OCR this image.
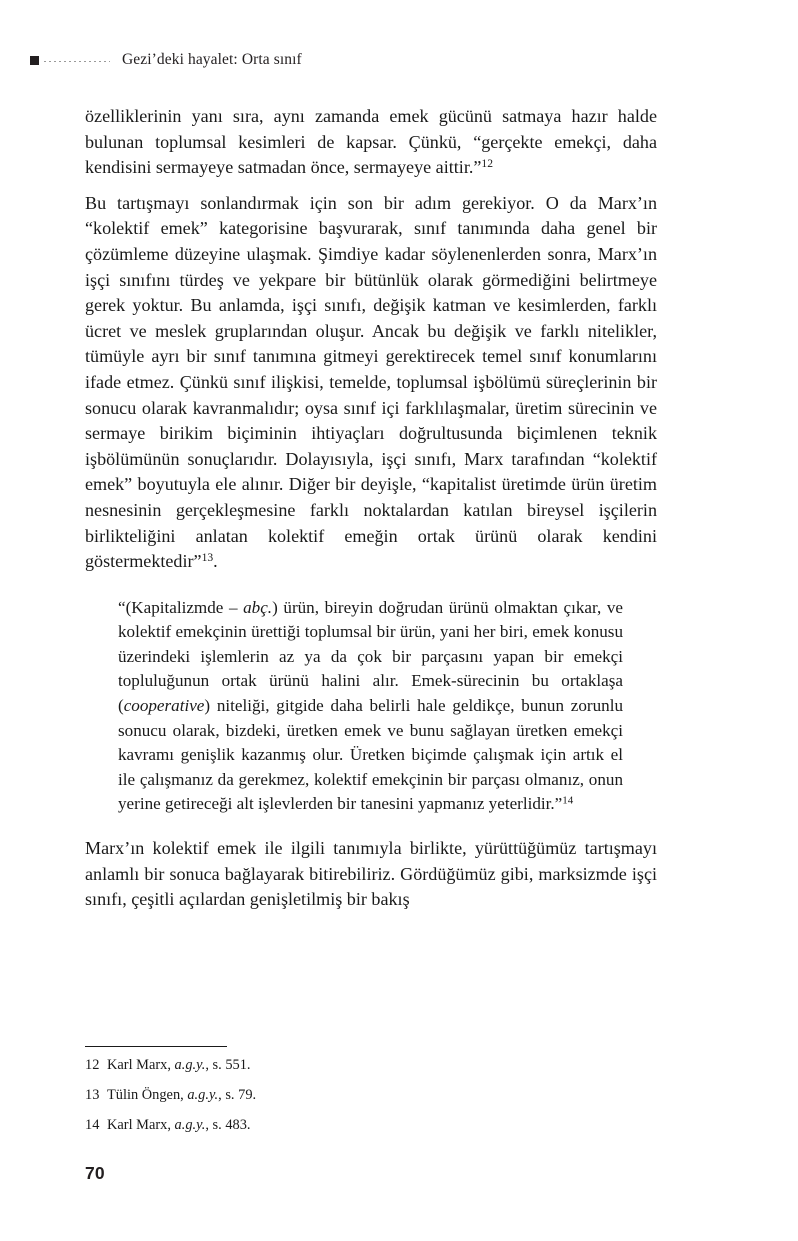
Gezi’deki hayalet: Orta sınıf

özelliklerinin yanı sıra, aynı zamanda emek gücünü satmaya hazır halde bulunan toplumsal kesimleri de kapsar. Çünkü, “gerçekte emekçi, daha kendisini sermayeye satmadan önce, sermayeye aittir.”$^{12}$

Bu tartışmayı sonlandırmak için son bir adım gerekiyor. O da Marx’ın “kolektif emek” kategorisine başvurarak, sınıf tanımında daha genel bir çözümleme düzeyine ulaşmak. Şimdiye kadar söylenenlerden sonra, Marx’ın işçi sınıfını türdeş ve yekpare bir bütünlük olarak görmediğini belirtmeye gerek yoktur. Bu anlamda, işçi sınıfı, değişik katman ve kesimlerden, farklı ücret ve meslek gruplarından oluşur. Ancak bu değişik ve farklı nitelikler, tümüyle ayrı bir sınıf tanımına gitmeyi gerektirecek temel sınıf konumlarını ifade etmez. Çünkü sınıf ilişkisi, temelde, toplumsal işbölümü süreçlerinin bir sonucu olarak kavranmalıdır; oysa sınıf içi farklılaşmalar, üretim sürecinin ve sermaye birikim biçiminin ihtiyaçları doğrultusunda biçimlenen teknik işbölümünün sonuçlarıdır. Dolayısıyla, işçi sınıfı, Marx tarafından “kolektif emek” boyutuyla ele alınır. Diğer bir deyişle, “kapitalist üretimde ürün üretim nesnesinin gerçekleşmesine farklı noktalardan katılan bireysel işçilerin birlikteliğini anlatan kolektif emeğin ortak ürünü olarak kendini göstermektedir”$^{13}$.

“(Kapitalizmde – abç.) ürün, bireyin doğrudan ürünü olmaktan çıkar, ve kolektif emekçinin ürettiği toplumsal bir ürün, yani her biri, emek konusu üzerindeki işlemlerin az ya da çok bir parçasını yapan bir emekçi topluluğunun ortak ürünü halini alır. Emek-sürecinin bu ortaklaşa (cooperative) niteliği, gitgide daha belirli hale geldikçe, bunun zorunlu sonucu olarak, bizdeki, üretken emek ve bunu sağlayan üretken emekçi kavramı genişlik kazanmış olur. Üretken biçimde çalışmak için artık el ile çalışmanız da gerekmez, kolektif emekçinin bir parçası olmanız, onun yerine getireceği alt işlevlerden bir tanesini yapmanız yeterlidir.”$^{14}$

Marx’ın kolektif emek ile ilgili tanımıyla birlikte, yürüttüğümüz tartışmayı anlamlı bir sonuca bağlayarak bitirebiliriz. Gördüğümüz gibi, marksizmde işçi sınıfı, çeşitli açılardan genişletilmiş bir bakış

12 Karl Marx, a.g.y., s. 551.

13 Tülin Öngen, a.g.y., s. 79.

14 Karl Marx, a.g.y., s. 483.

70
